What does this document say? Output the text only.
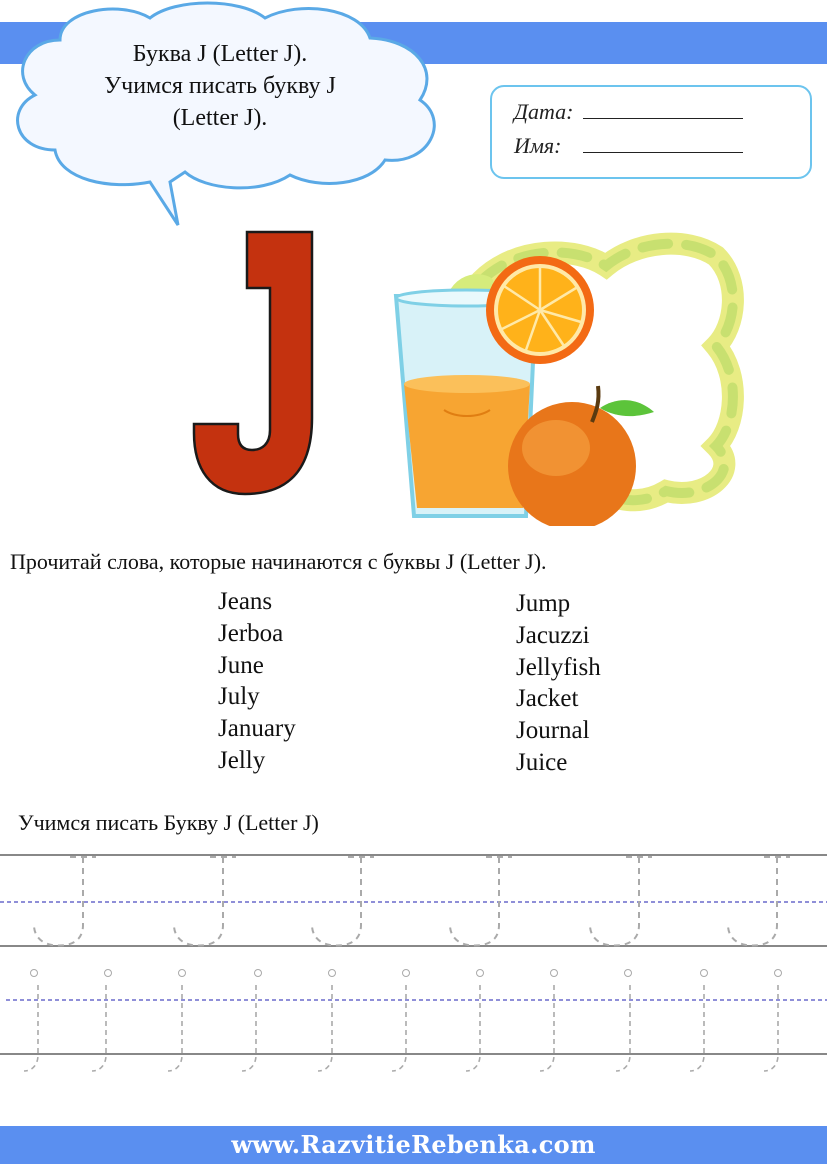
Буква J (Letter J).
Учимся писать букву J
(Letter J).	Дата:
Имя:
Прочитай слова, которые начинаются с буквы J (Letter J).
Jeans
Jerboa
June
July
January
Jelly
Jump
Jacuzzi
Jellyfish
Jacket
Journal
Juice
Учимся писать Букву J (Letter J)
www.RazvitieRebenka.com
